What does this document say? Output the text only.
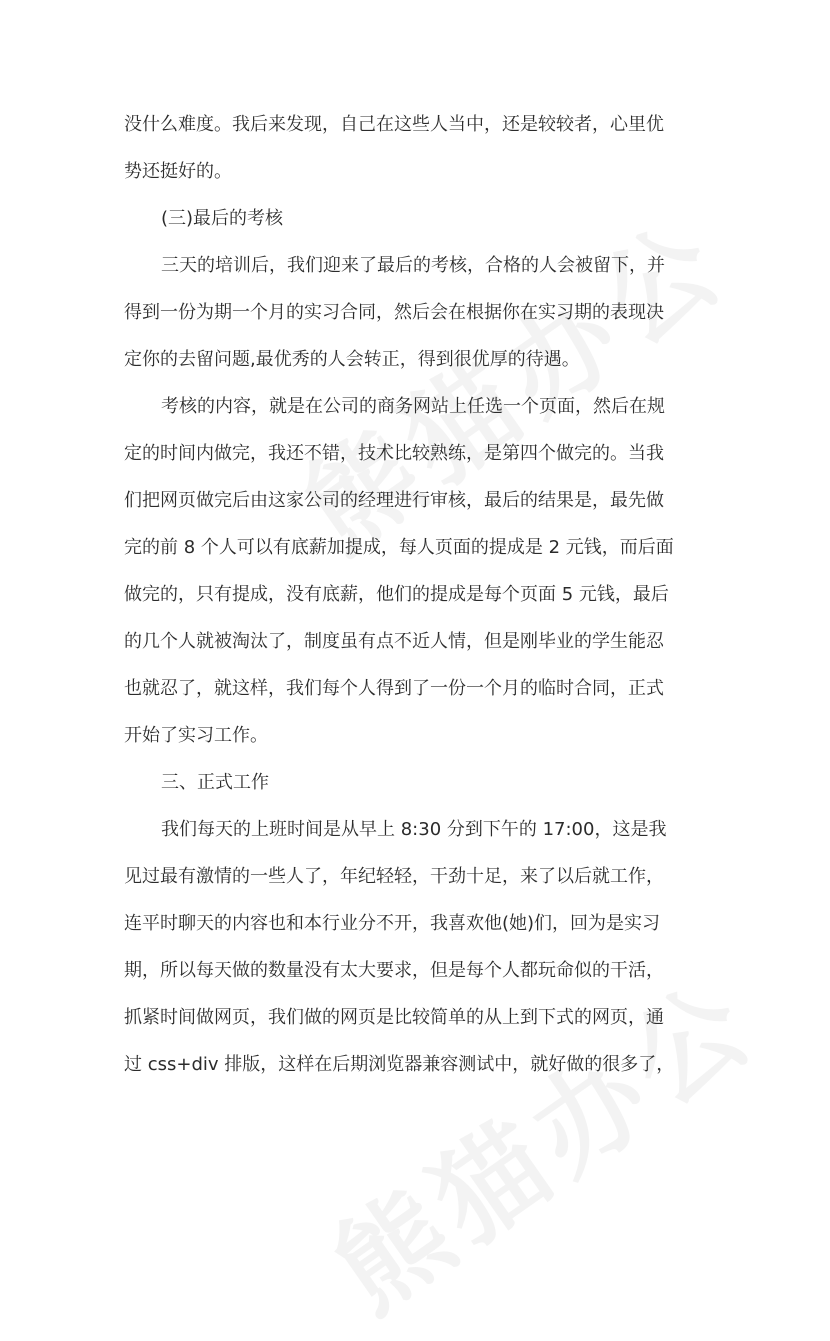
没什么难度。我后来发现，自己在这些人当中，还是较较者，心里优
势还挺好的。
(三)最后的考核
三天的培训后，我们迎来了最后的考核，合格的人会被留下，并
得到一份为期一个月的实习合同，然后会在根据你在实习期的表现决
定你的去留问题,最优秀的人会转正，得到很优厚的待遇。
考核的内容，就是在公司的商务网站上任选一个页面，然后在规
定的时间内做完，我还不错，技术比较熟练，是第四个做完的。当我
们把网页做完后由这家公司的经理进行审核，最后的结果是，最先做
完的前 8 个人可以有底薪加提成，每人页面的提成是 2 元钱，而后面
做完的，只有提成，没有底薪，他们的提成是每个页面 5 元钱，最后
的几个人就被淘汰了，制度虽有点不近人情，但是刚毕业的学生能忍
也就忍了，就这样，我们每个人得到了一份一个月的临时合同，正式
开始了实习工作。
三、正式工作
我们每天的上班时间是从早上 8:30 分到下午的 17:00，这是我
见过最有激情的一些人了，年纪轻轻，干劲十足，来了以后就工作，
连平时聊天的内容也和本行业分不开，我喜欢他(她)们，回为是实习
期，所以每天做的数量没有太大要求，但是每个人都玩命似的干活，
抓紧时间做网页，我们做的网页是比较简单的从上到下式的网页，通
过 css+div 排版，这样在后期浏览器兼容测试中，就好做的很多了，
